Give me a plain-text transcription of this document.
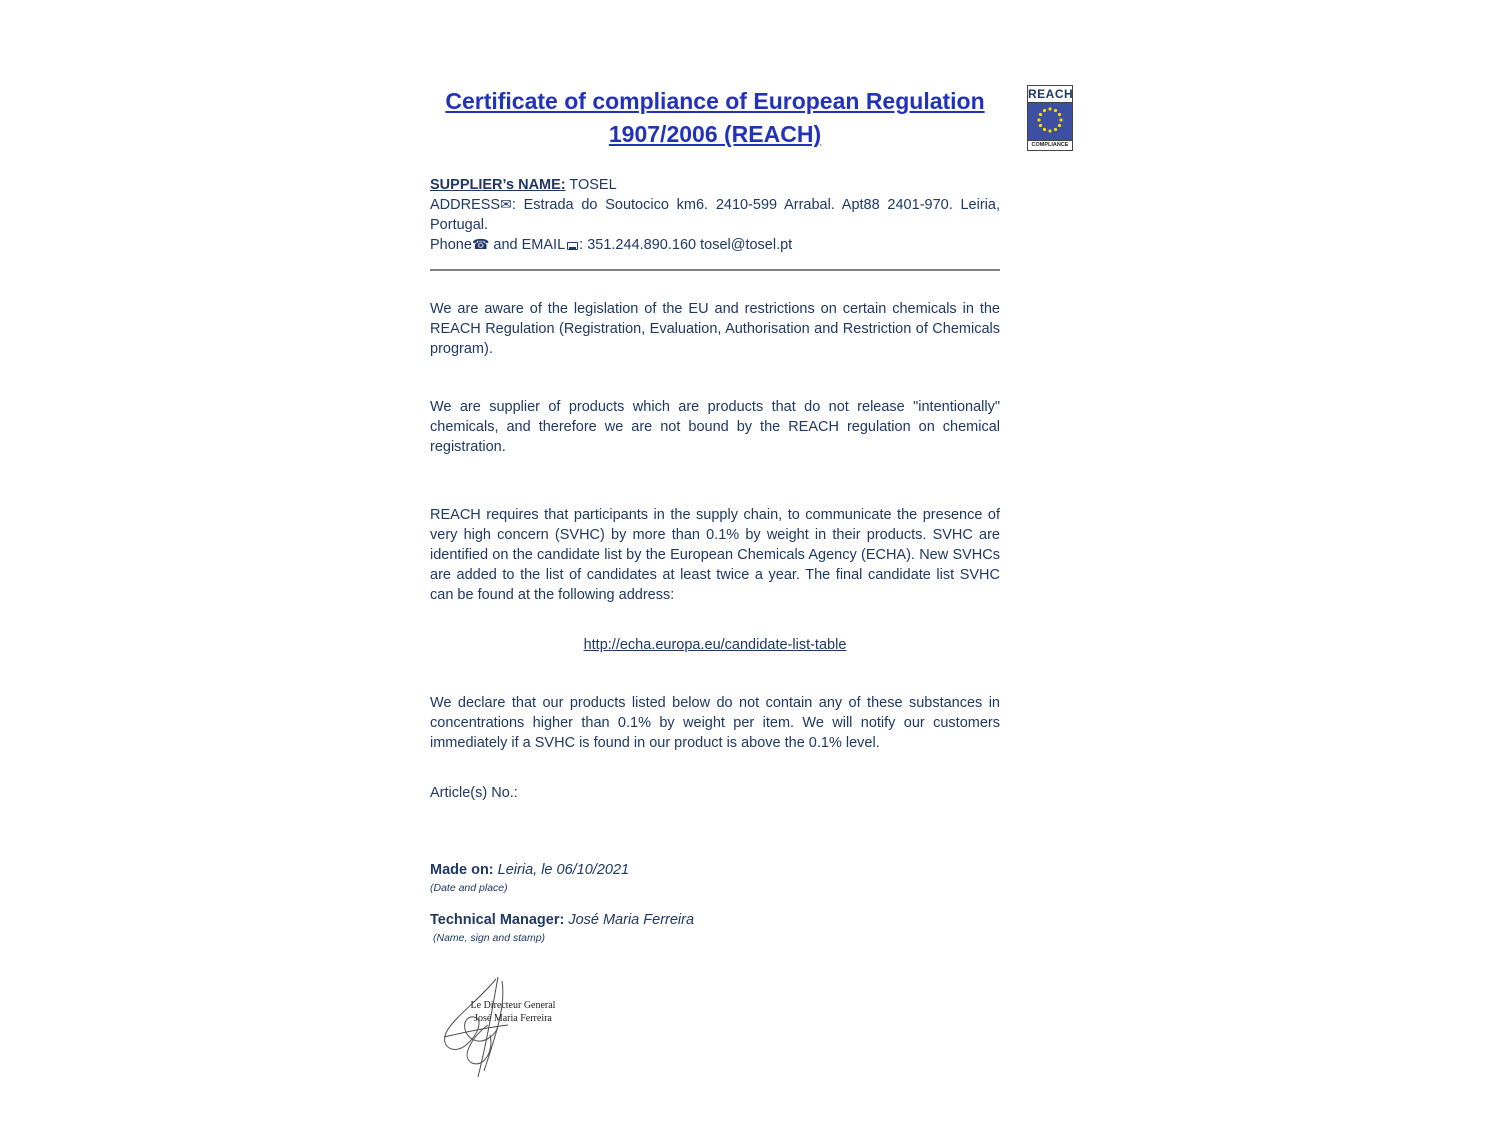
REACH
COMPLIANCE
Certificate of compliance of European Regulation
1907/2006 (REACH)
SUPPLIER’s NAME: TOSEL
ADDRESS✉: Estrada do Soutocico km6. 2410-599 Arrabal. Apt88 2401-970. Leiria, Portugal.
Phone☎ and EMAIL : 351.244.890.160 tosel@tosel.pt

We are aware of the legislation of the EU and restrictions on certain chemicals in the REACH Regulation (Registration, Evaluation, Authorisation and Restriction of Chemicals program).

We are supplier of products which are products that do not release "intentionally" chemicals, and therefore we are not bound by the REACH regulation on chemical registration.

REACH requires that participants in the supply chain, to communicate the presence of very high concern (SVHC) by more than 0.1% by weight in their products. SVHC are identified on the candidate list by the European Chemicals Agency (ECHA). New SVHCs are added to the list of candidates at least twice a year. The final candidate list SVHC can be found at the following address:

http://echa.europa.eu/candidate-list-table

We declare that our products listed below do not contain any of these substances in concentrations higher than 0.1% by weight per item. We will notify our customers immediately if a SVHC is found in our product is above the 0.1% level.

Article(s) No.:

Made on: Leiria, le 06/10/2021

(Date and place)

Technical Manager: José Maria Ferreira

(Name, sign and stamp)

Le Directeur General
José Maria Ferreira
